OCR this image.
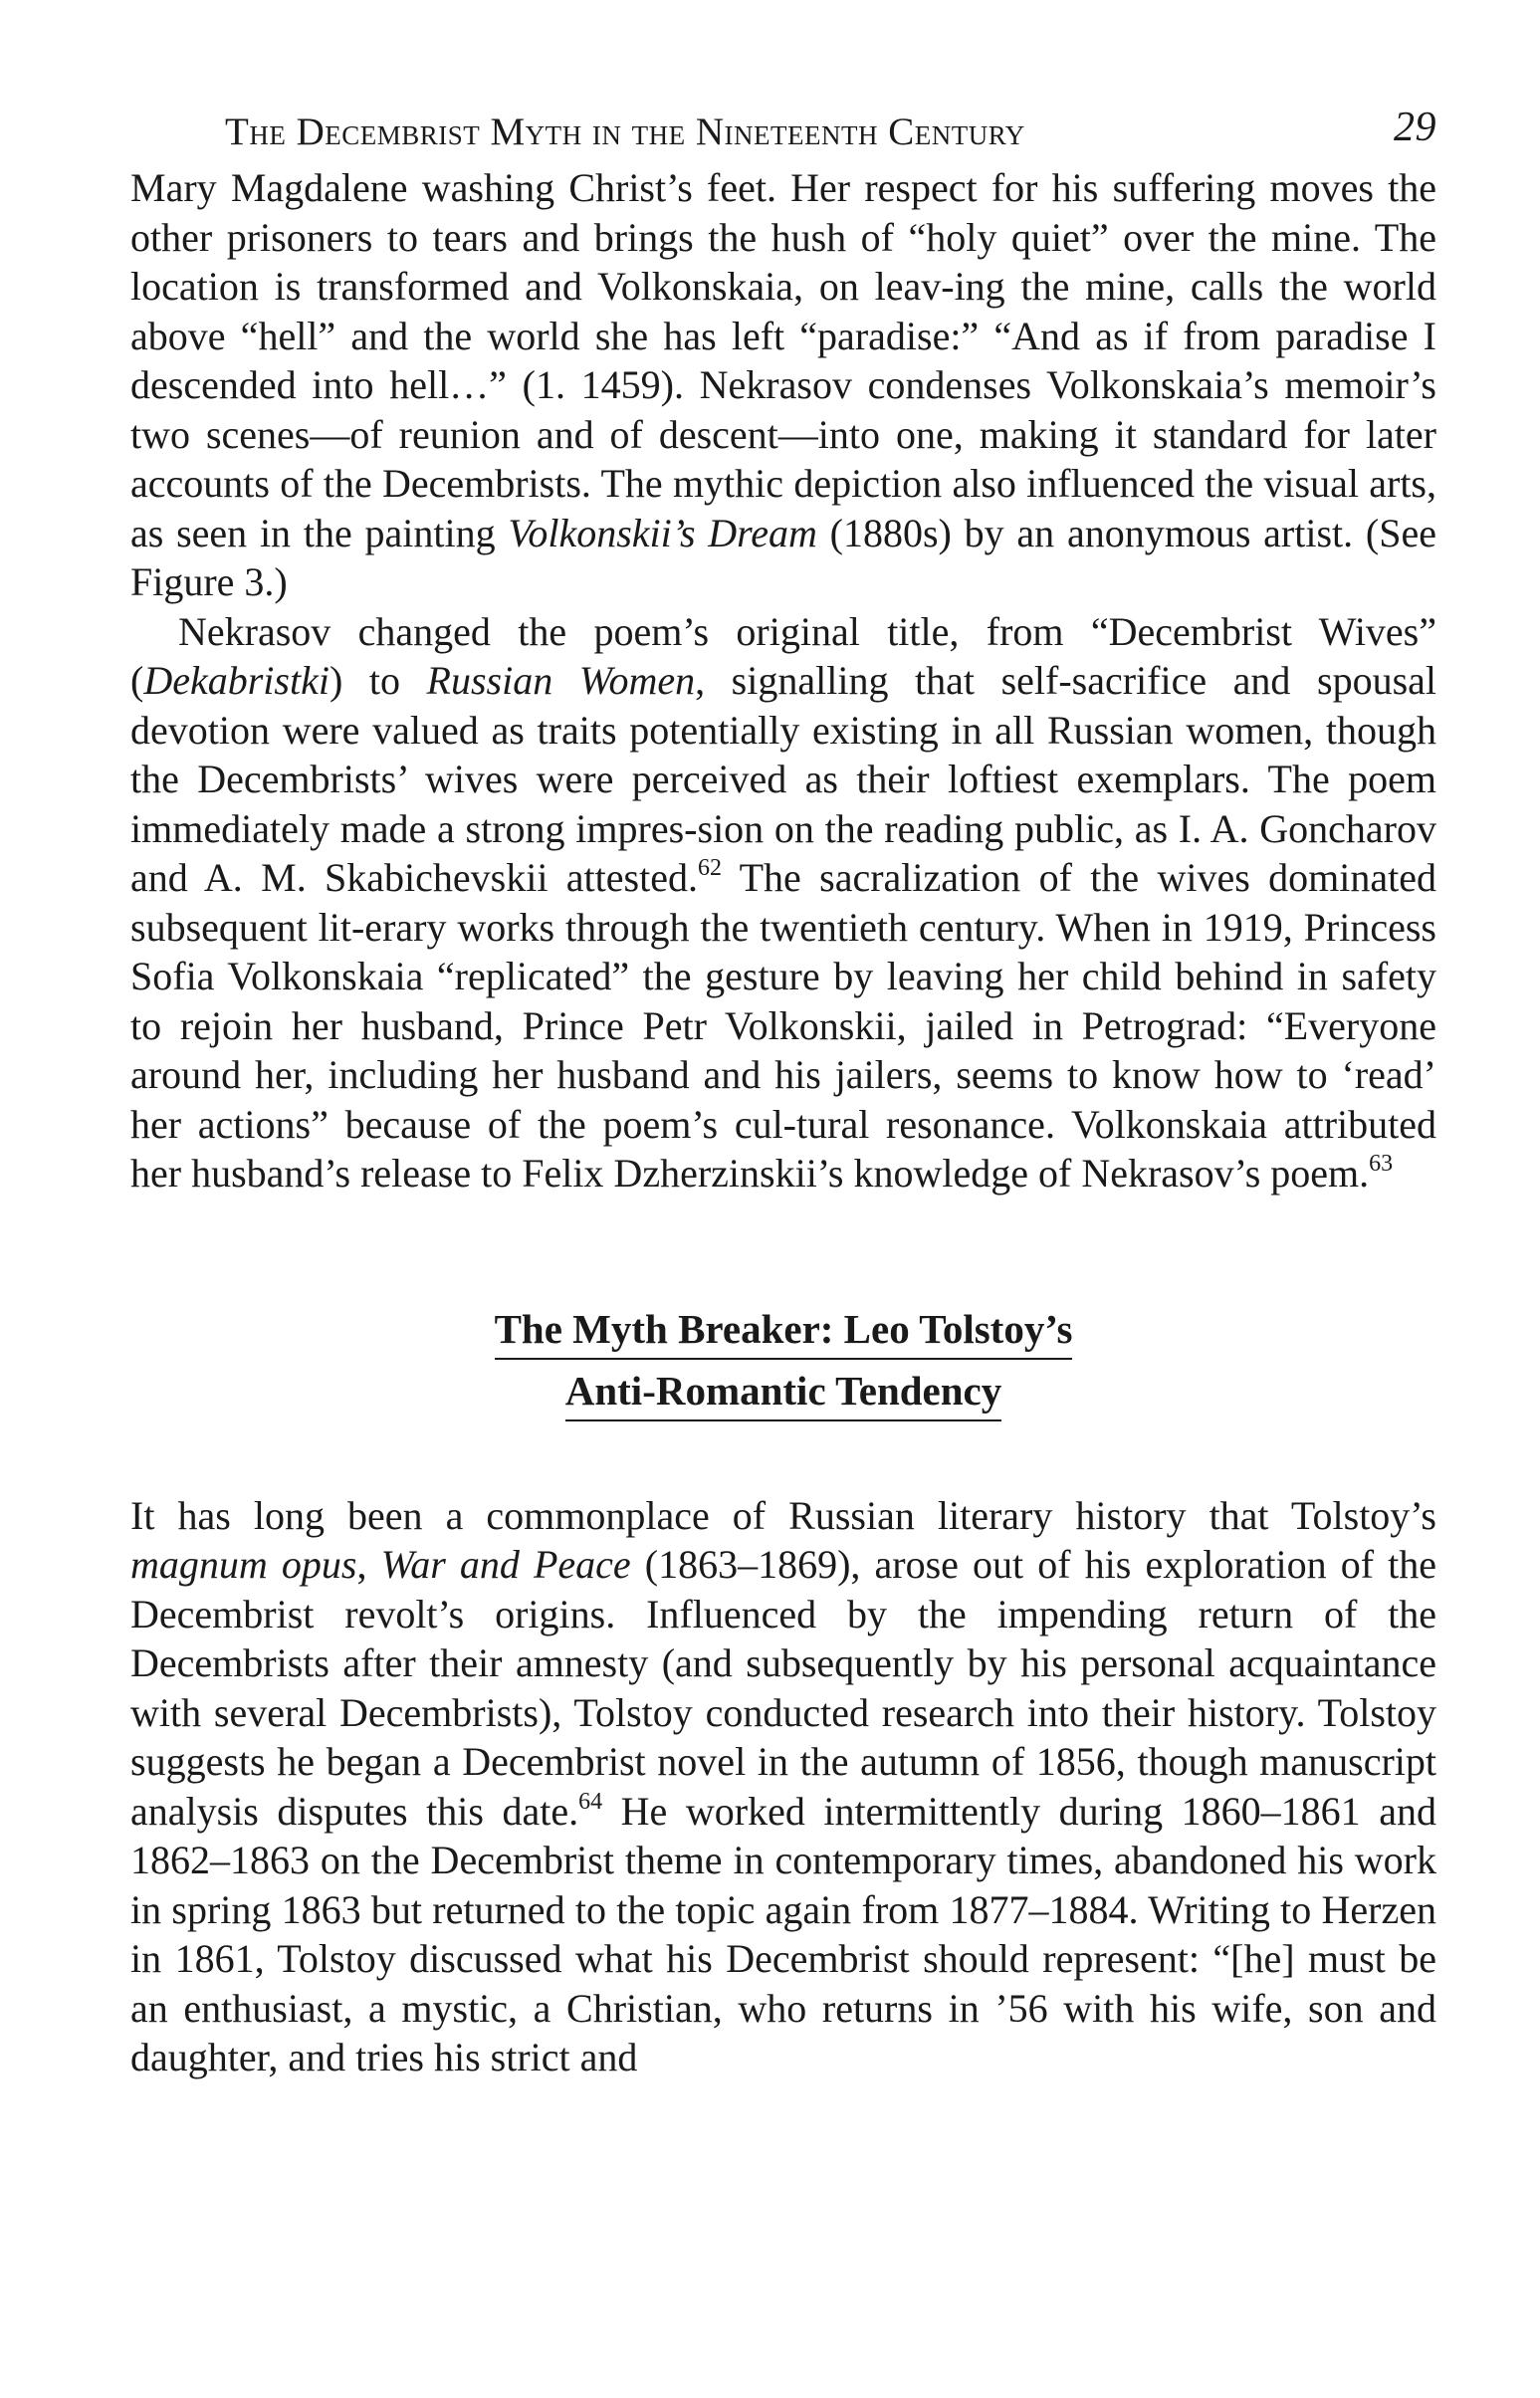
The Decembrist Myth in the Nineteenth Century	29

Mary Magdalene washing Christ’s feet. Her respect for his suffering moves the other prisoners to tears and brings the hush of “holy quiet” over the mine. The location is transformed and Volkonskaia, on leav-ing the mine, calls the world above “hell” and the world she has left “paradise:” “And as if from paradise I descended into hell…” (1. 1459). Nekrasov condenses Volkonskaia’s memoir’s two scenes—of reunion and of descent—into one, making it standard for later accounts of the Decembrists. The mythic depiction also influenced the visual arts, as seen in the painting Volkonskii’s Dream (1880s) by an anonymous artist. (See Figure 3.)

Nekrasov changed the poem’s original title, from “Decembrist Wives” (Dekabristki) to Russian Women, signalling that self-sacrifice and spousal devotion were valued as traits potentially existing in all Russian women, though the Decembrists’ wives were perceived as their loftiest exemplars. The poem immediately made a strong impres-sion on the reading public, as I. A. Goncharov and A. M. Skabichevskii attested.$^{62}$ The sacralization of the wives dominated subsequent lit-erary works through the twentieth century. When in 1919, Princess Sofia Volkonskaia “replicated” the gesture by leaving her child behind in safety to rejoin her husband, Prince Petr Volkonskii, jailed in Petrograd: “Everyone around her, including her husband and his jailers, seems to know how to ‘read’ her actions” because of the poem’s cul-tural resonance. Volkonskaia attributed her husband’s release to Felix Dzherzinskii’s knowledge of Nekrasov’s poem.$^{63}$

The Myth Breaker: Leo Tolstoy’s
Anti-Romantic Tendency

It has long been a commonplace of Russian literary history that Tolstoy’s magnum opus, War and Peace (1863–1869), arose out of his exploration of the Decembrist revolt’s origins. Influenced by the impending return of the Decembrists after their amnesty (and subsequently by his personal acquaintance with several Decembrists), Tolstoy conducted research into their history. Tolstoy suggests he began a Decembrist novel in the autumn of 1856, though manuscript analysis disputes this date.$^{64}$ He worked intermittently during 1860–1861 and 1862–1863 on the Decembrist theme in contemporary times, abandoned his work in spring 1863 but returned to the topic again from 1877–1884. Writing to Herzen in 1861, Tolstoy discussed what his Decembrist should represent: “[he] must be an enthusiast, a mystic, a Christian, who returns in ’56 with his wife, son and daughter, and tries his strict and
